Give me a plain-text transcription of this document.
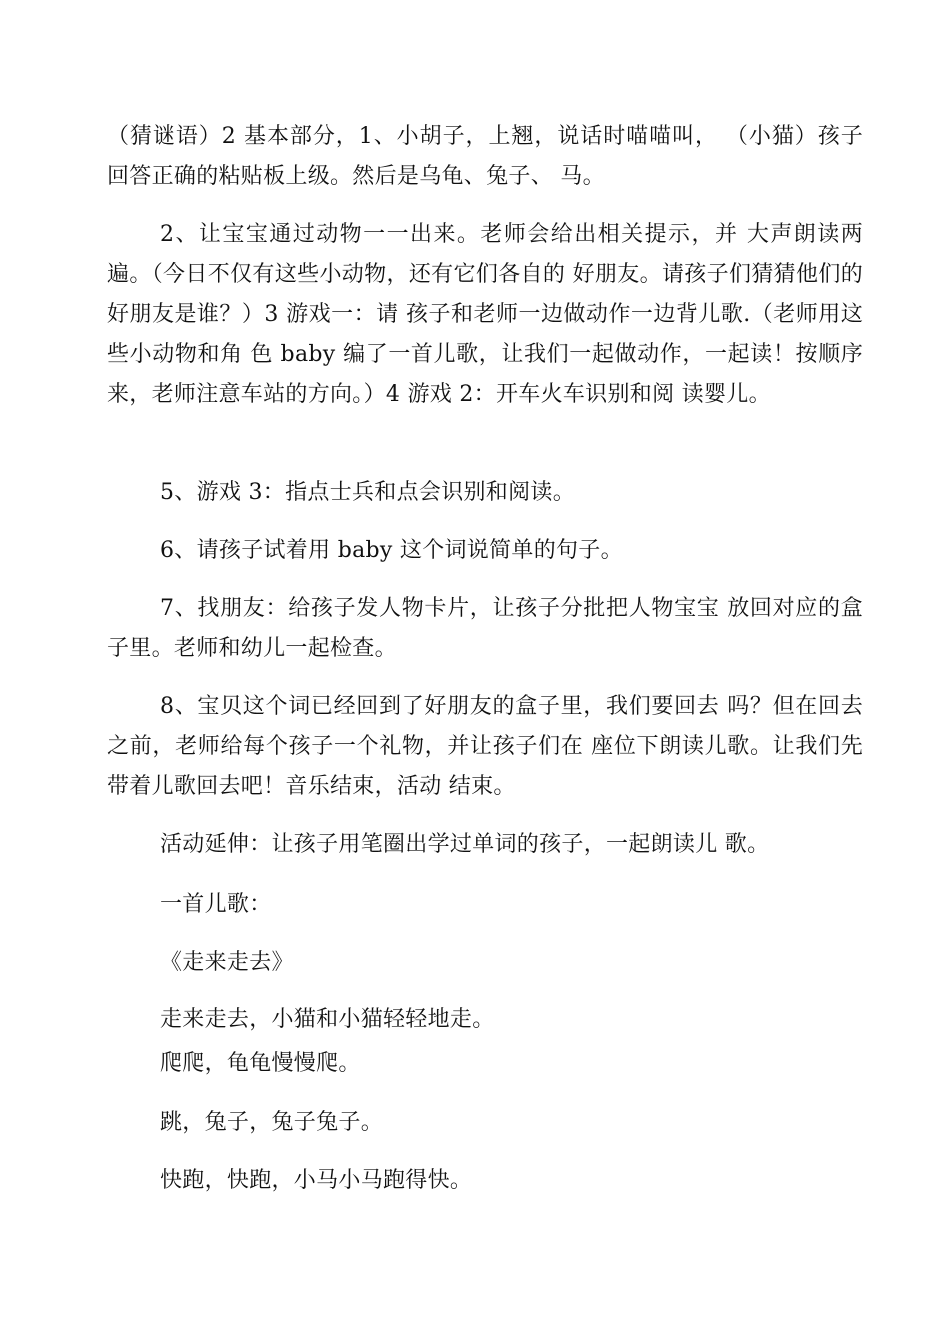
（猜谜语）2 基本部分，1、小胡子，上翘，说话时喵喵叫， （小猫）孩子回答正确的粘贴板上级。然后是乌龟、兔子、 马。

2、让宝宝通过动物一一出来。老师会给出相关提示，并 大声朗读两遍。（今日不仅有这些小动物，还有它们各自的 好朋友。请孩子们猜猜他们的好朋友是谁？）3 游戏一：请 孩子和老师一边做动作一边背儿歌.（老师用这些小动物和角 色 baby 编了一首儿歌，让我们一起做动作，一起读！按顺序 来，老师注意车站的方向。）4 游戏 2：开车火车识别和阅 读婴儿。

5、游戏 3：指点士兵和点会识别和阅读。

6、请孩子试着用 baby 这个词说简单的句子。

7、找朋友：给孩子发人物卡片，让孩子分批把人物宝宝 放回对应的盒子里。老师和幼儿一起检查。

8、宝贝这个词已经回到了好朋友的盒子里，我们要回去 吗？但在回去之前，老师给每个孩子一个礼物，并让孩子们在 座位下朗读儿歌。让我们先带着儿歌回去吧！音乐结束，活动 结束。

活动延伸：让孩子用笔圈出学过单词的孩子，一起朗读儿 歌。

一首儿歌：

《走来走去》

走来走去，小猫和小猫轻轻地走。

爬爬，龟龟慢慢爬。

跳，兔子，兔子兔子。

快跑，快跑，小马小马跑得快。
